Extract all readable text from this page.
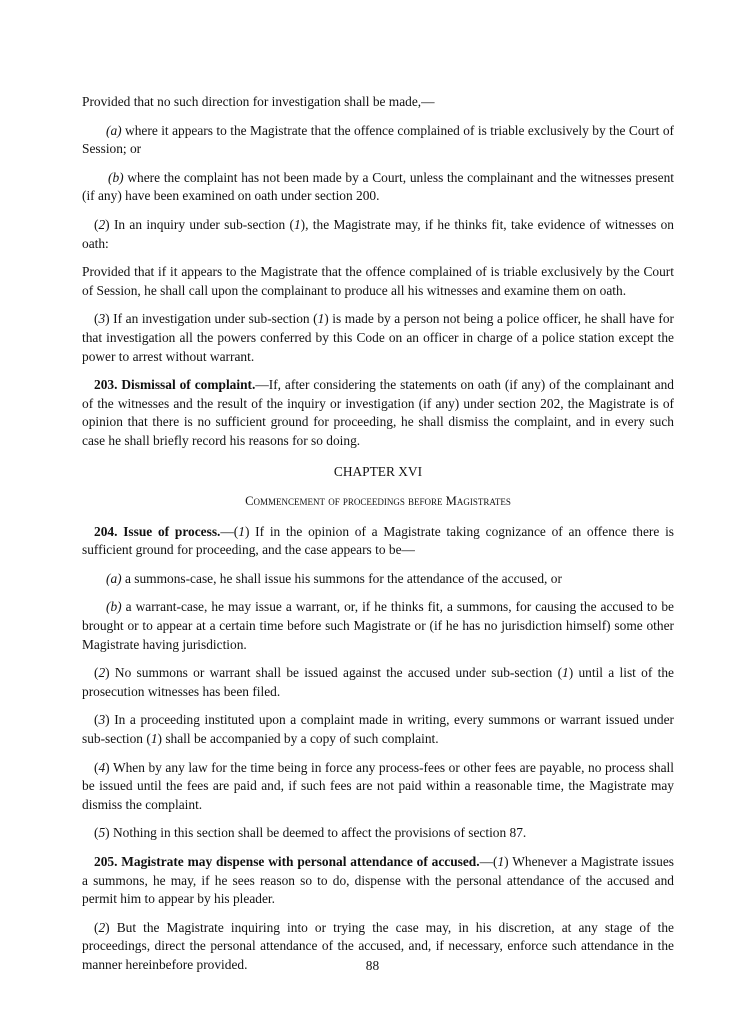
Provided that no such direction for investigation shall be made,—

(a) where it appears to the Magistrate that the offence complained of is triable exclusively by the Court of Session; or

(b) where the complaint has not been made by a Court, unless the complainant and the witnesses present (if any) have been examined on oath under section 200.

(2) In an inquiry under sub-section (1), the Magistrate may, if he thinks fit, take evidence of witnesses on oath:

Provided that if it appears to the Magistrate that the offence complained of is triable exclusively by the Court of Session, he shall call upon the complainant to produce all his witnesses and examine them on oath.

(3) If an investigation under sub-section (1) is made by a person not being a police officer, he shall have for that investigation all the powers conferred by this Code on an officer in charge of a police station except the power to arrest without warrant.

203. Dismissal of complaint.—If, after considering the statements on oath (if any) of the complainant and of the witnesses and the result of the inquiry or investigation (if any) under section 202, the Magistrate is of opinion that there is no sufficient ground for proceeding, he shall dismiss the complaint, and in every such case he shall briefly record his reasons for so doing.

CHAPTER XVI

Commencement of proceedings before Magistrates

204. Issue of process.—(1) If in the opinion of a Magistrate taking cognizance of an offence there is sufficient ground for proceeding, and the case appears to be—

(a) a summons-case, he shall issue his summons for the attendance of the accused, or

(b) a warrant-case, he may issue a warrant, or, if he thinks fit, a summons, for causing the accused to be brought or to appear at a certain time before such Magistrate or (if he has no jurisdiction himself) some other Magistrate having jurisdiction.

(2) No summons or warrant shall be issued against the accused under sub-section (1) until a list of the prosecution witnesses has been filed.

(3) In a proceeding instituted upon a complaint made in writing, every summons or warrant issued under sub-section (1) shall be accompanied by a copy of such complaint.

(4) When by any law for the time being in force any process-fees or other fees are payable, no process shall be issued until the fees are paid and, if such fees are not paid within a reasonable time, the Magistrate may dismiss the complaint.

(5) Nothing in this section shall be deemed to affect the provisions of section 87.

205. Magistrate may dispense with personal attendance of accused.—(1) Whenever a Magistrate issues a summons, he may, if he sees reason so to do, dispense with the personal attendance of the accused and permit him to appear by his pleader.

(2) But the Magistrate inquiring into or trying the case may, in his discretion, at any stage of the proceedings, direct the personal attendance of the accused, and, if necessary, enforce such attendance in the manner hereinbefore provided.	88
